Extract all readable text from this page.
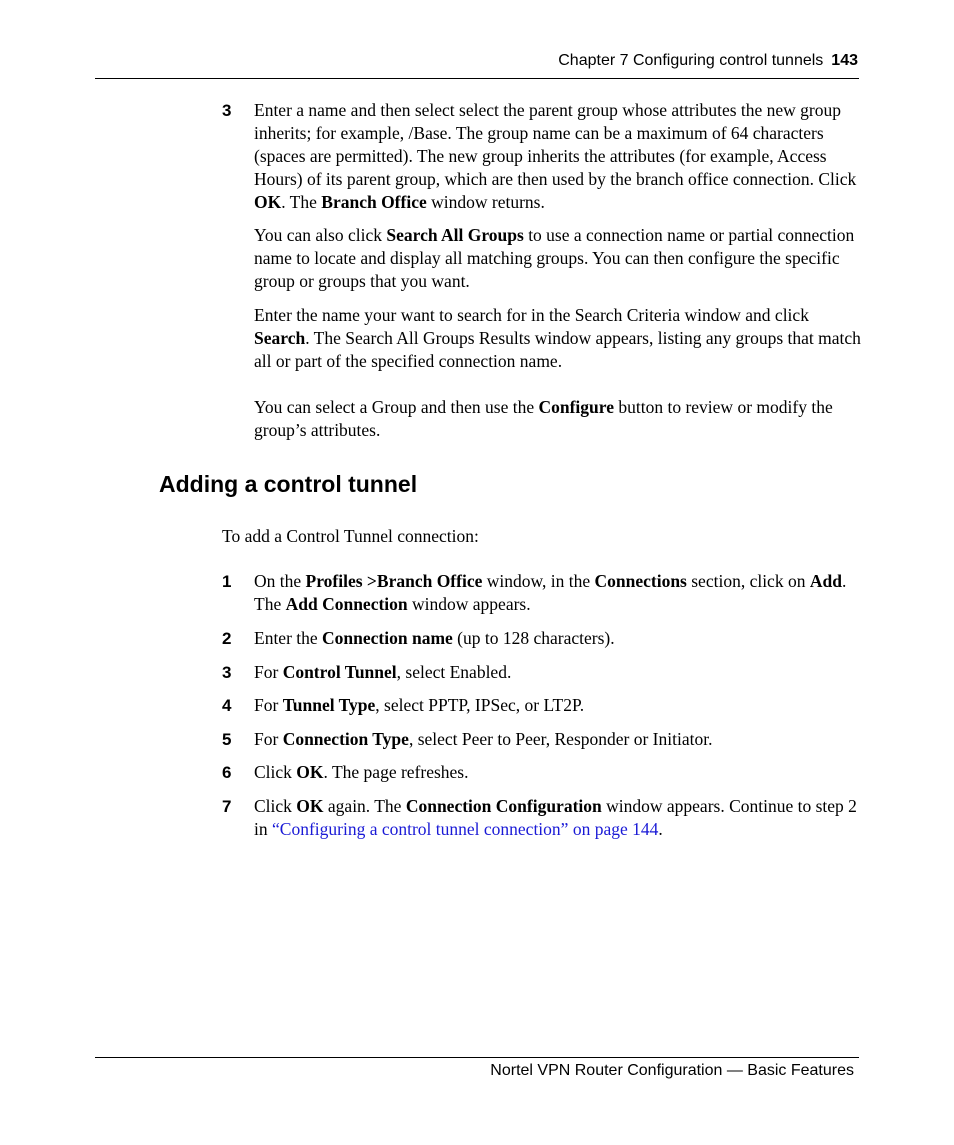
Chapter 7 Configuring control tunnels 143
3 Enter a name and then select select the parent group whose attributes the new group inherits; for example, /Base. The group name can be a maximum of 64 characters (spaces are permitted). The new group inherits the attributes (for example, Access Hours) of its parent group, which are then used by the branch office connection. Click OK. The Branch Office window returns.
You can also click Search All Groups to use a connection name or partial connection name to locate and display all matching groups. You can then configure the specific group or groups that you want.
Enter the name your want to search for in the Search Criteria window and click Search. The Search All Groups Results window appears, listing any groups that match all or part of the specified connection name.
You can select a Group and then use the Configure button to review or modify the group’s attributes.
Adding a control tunnel
To add a Control Tunnel connection:
1 On the Profiles >Branch Office window, in the Connections section, click on Add. The Add Connection window appears.
2 Enter the Connection name (up to 128 characters).
3 For Control Tunnel, select Enabled.
4 For Tunnel Type, select PPTP, IPSec, or LT2P.
5 For Connection Type, select Peer to Peer, Responder or Initiator.
6 Click OK. The page refreshes.
7 Click OK again. The Connection Configuration window appears. Continue to step 2 in “Configuring a control tunnel connection” on page 144.
Nortel VPN Router Configuration — Basic Features
